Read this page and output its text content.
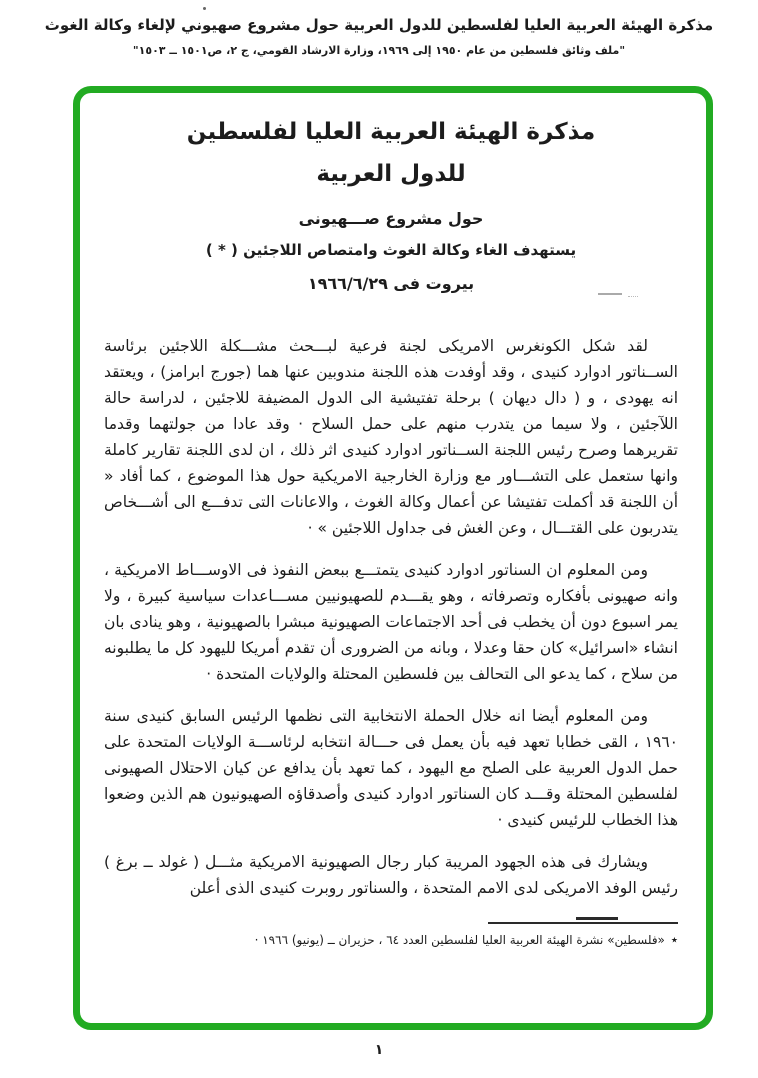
مذكرة الهيئة العربية العليا لفلسطين للدول العربية حول مشروع صهيوني لإلغاء وكالة الغوث
"ملف وثائق فلسطين من عام ١٩٥٠ إلى ١٩٦٩، وزارة الارشاد القومي، ج ٢، ص١٥٠١ ــ ١٥٠٣"
مذكرة الهيئة العربية العليا لفلسطين
للدول العربية
حول مشروع صـــهيونى
يستهدف الغاء وكالة الغوث وامتصاص اللاجئين ( * )
بيروت فى ١٩٦٦/٦/٢٩

لقد شكل الكونغرس الامريكى لجنة فرعية لبـــحث مشـــكلة اللاجئين برئاسة الســناتور ادوارد كنيدى ، وقد أوفدت هذه اللجنة مندوبين عنها هما (جورج ابرامز) ، ويعتقد انه يهودى ، و ( دال ديهان ) برحلة تفتيشية الى الدول المضيفة للاجئين ، لدراسة حالة اللآجئين ، ولا سيما من يتدرب منهم على حمل السلاح · وقد عادا من جولتهما وقدما تقريرهما وصرح رئيس اللجنة الســناتور ادوارد كنيدى اثر ذلك ، ان لدى اللجنة تقارير كاملة وانها ستعمل على التشـــاور مع وزارة الخارجية الامريكية حول هذا الموضوع ، كما أفاد « أن اللجنة قد أكملت تفتيشا عن أعمال وكالة الغوث ، والاعانات التى تدفـــع الى أشـــخاص يتدربون على القتـــال ، وعن الغش فى جداول اللاجئين » ·

ومن المعلوم ان السناتور ادوارد كنيدى يتمتـــع ببعض النفوذ فى الاوســـاط الامريكية ، وانه صهيونى بأفكاره وتصرفاته ، وهو يقـــدم للصهيونيين مســـاعدات سياسية كبيرة ، ولا يمر اسبوع دون أن يخطب فى أحد الاجتماعات الصهيونية مبشرا بالصهيونية ، وهو ينادى بان انشاء «اسرائيل» كان حقا وعدلا ، وبانه من الضرورى أن تقدم أمريكا لليهود كل ما يطلبونه من سلاح ، كما يدعو الى التحالف بين فلسطين المحتلة والولايات المتحدة ·

ومن المعلوم أيضا انه خلال الحملة الانتخابية التى نظمها الرئيس السابق كنيدى سنة ١٩٦٠ ، القى خطابا تعهد فيه بأن يعمل فى حـــالة انتخابه لرئاســـة الولايات المتحدة على حمل الدول العربية على الصلح مع اليهود ، كما تعهد بأن يدافع عن كيان الاحتلال الصهيونى لفلسطين المحتلة وقـــد كان السناتور ادوارد كنيدى وأصدقاؤه الصهيونيون هم الذين وضعوا هذا الخطاب للرئيس كنيدى ·

ويشارك فى هذه الجهود المريبة كبار رجال الصهيونية الامريكية مثـــل ( غولد ــ برغ ) رئيس الوفد الامريكى لدى الامم المتحدة ، والسناتور روبرت كنيدى الذى أعلن

٭«فلسطين» نشرة الهيئة العربية العليا لفلسطين العدد ٦٤ ، حزيران ــ (يونيو) ١٩٦٦ ·
١
